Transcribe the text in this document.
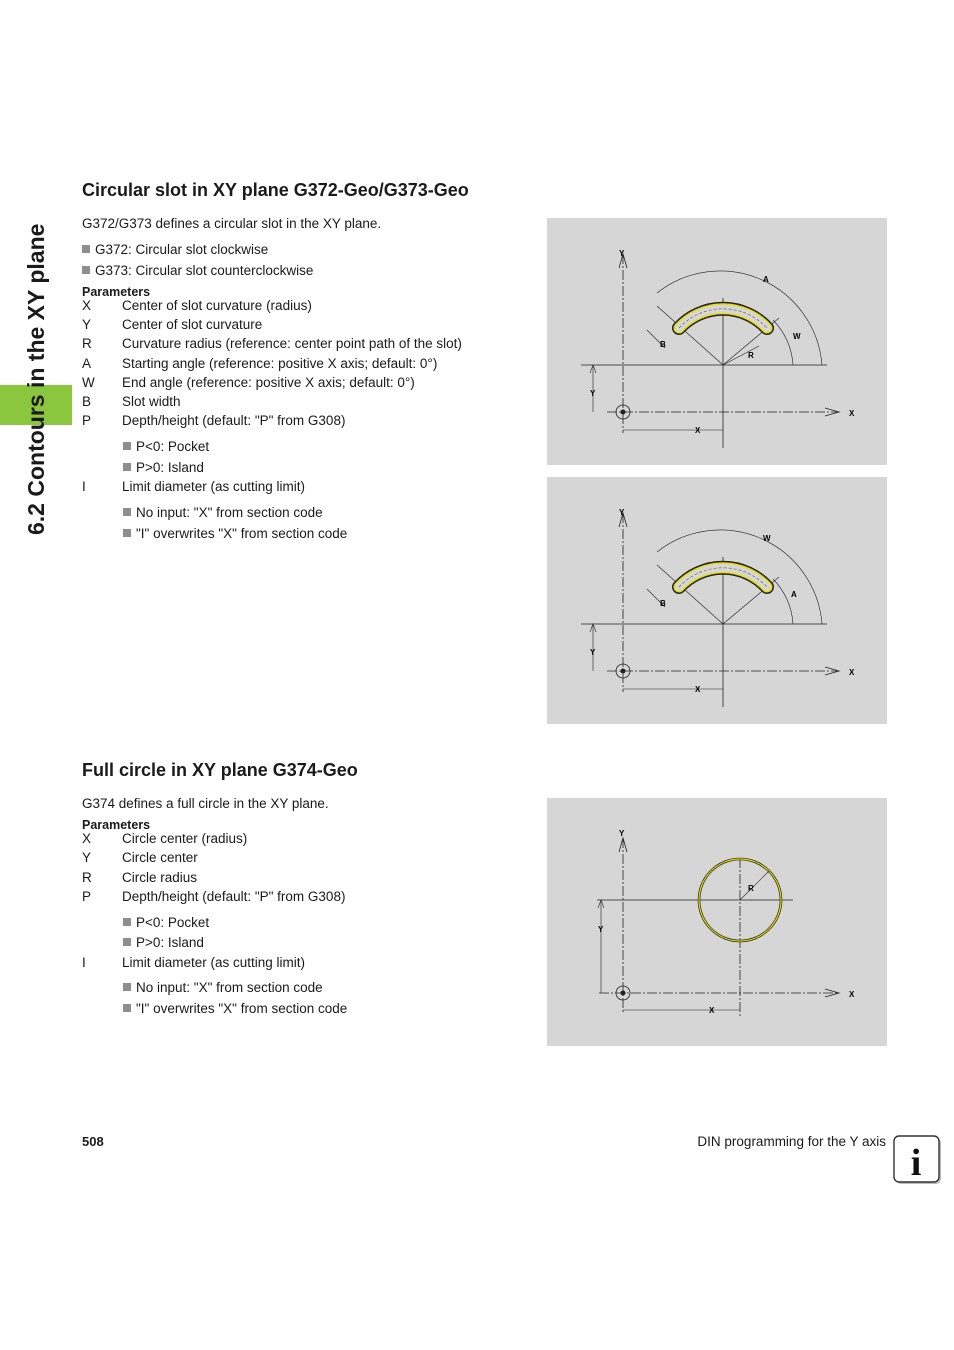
6.2 Contours in the XY plane
Circular slot in XY plane G372-Geo/G373-Geo
G372/G373 defines a circular slot in the XY plane.
G372: Circular slot clockwise
G373: Circular slot counterclockwise
Parameters
X Center of slot curvature (radius)
Y Center of slot curvature
R Curvature radius (reference: center point path of the slot)
A Starting angle (reference: positive X axis; default: 0°)
W End angle (reference: positive X axis; default: 0°)
B Slot width
P Depth/height (default: "P" from G308)
P<0: Pocket
P>0: Island
I	Limit diameter (as cutting limit)
No input: "X" from section code
"I" overwrites "X" from section code
Y
X
Y
X
A
W
R
B
Y
X
Y
X
W
A
B
Full circle in XY plane G374-Geo
G374 defines a full circle in the XY plane.
Parameters
X Circle center (radius)
Y Circle center
R Circle radius
P Depth/height (default: "P" from G308)
P<0: Pocket
P>0: Island
I	Limit diameter (as cutting limit)
No input: "X" from section code
"I" overwrites "X" from section code
Y
X
Y
X
R
508	DIN programming for the Y axis
i
